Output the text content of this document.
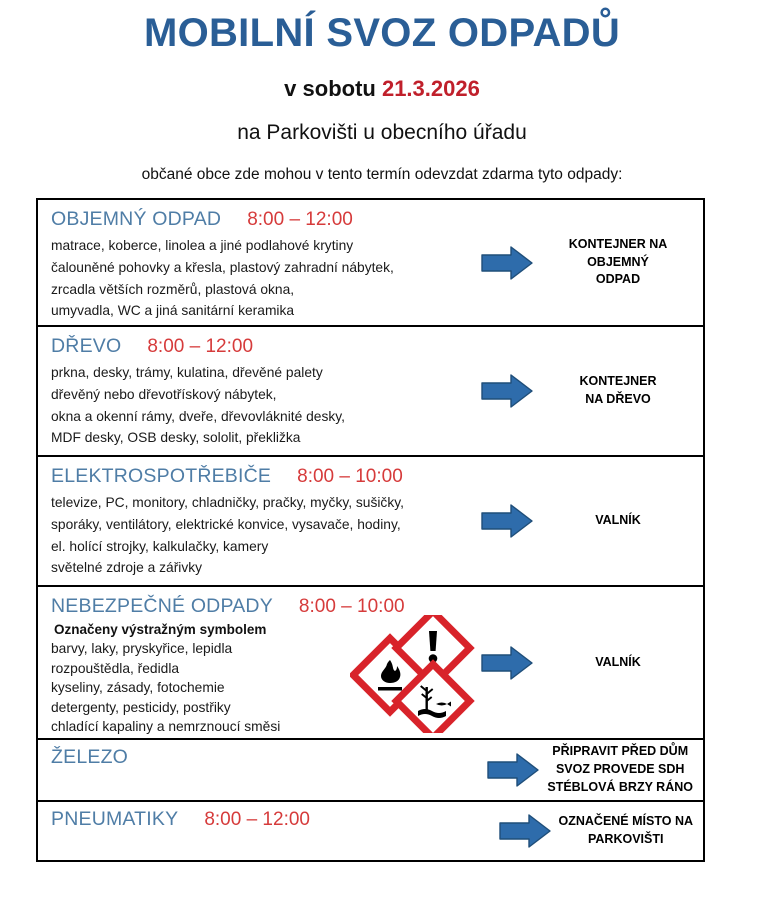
MOBILNÍ SVOZ ODPADŮ

v sobotu 21.3.2026

na Parkovišti u obecního úřadu

občané obce zde mohou v tento termín odevzdat zdarma tyto odpady:

OBJEMNÝ ODPAD 8:00 – 12:00
matrace, koberce, linolea a jiné podlahové krytiny
čalouněné pohovky a křesla, plastový zahradní nábytek,
zrcadla větších rozměrů, plastová okna,
umyvadla, WC a jiná sanitární keramika
KONTEJNER NA OBJEMNÝ
ODPAD
DŘEVO 8:00 – 12:00
prkna, desky, trámy, kulatina, dřevěné palety
dřevěný nebo dřevotřískový nábytek,
okna a okenní rámy, dveře, dřevovláknité desky,
MDF desky, OSB desky, sololit, překližka
KONTEJNER
NA DŘEVO
ELEKTROSPOTŘEBIČE 8:00 – 10:00
televize, PC, monitory, chladničky, pračky, myčky, sušičky,
sporáky, ventilátory, elektrické konvice, vysavače, hodiny,
el. holící strojky, kalkulačky, kamery
světelné zdroje a zářivky
VALNÍK
NEBEZPEČNÉ ODPADY 8:00 – 10:00
Označeny výstražným symbolem
barvy, laky, pryskyřice, lepidla
rozpouštědla, ředidla
kyseliny, zásady, fotochemie
detergenty, pesticidy, postřiky
chladící kapaliny a nemrznoucí směsi
VALNÍK
ŽELEZO	PŘIPRAVIT PŘED DŮM
SVOZ PROVEDE SDH
STÉBLOVÁ BRZY RÁNO
PNEUMATIKY 8:00 – 12:00	OZNAČENÉ MÍSTO NA
PARKOVIŠTI
